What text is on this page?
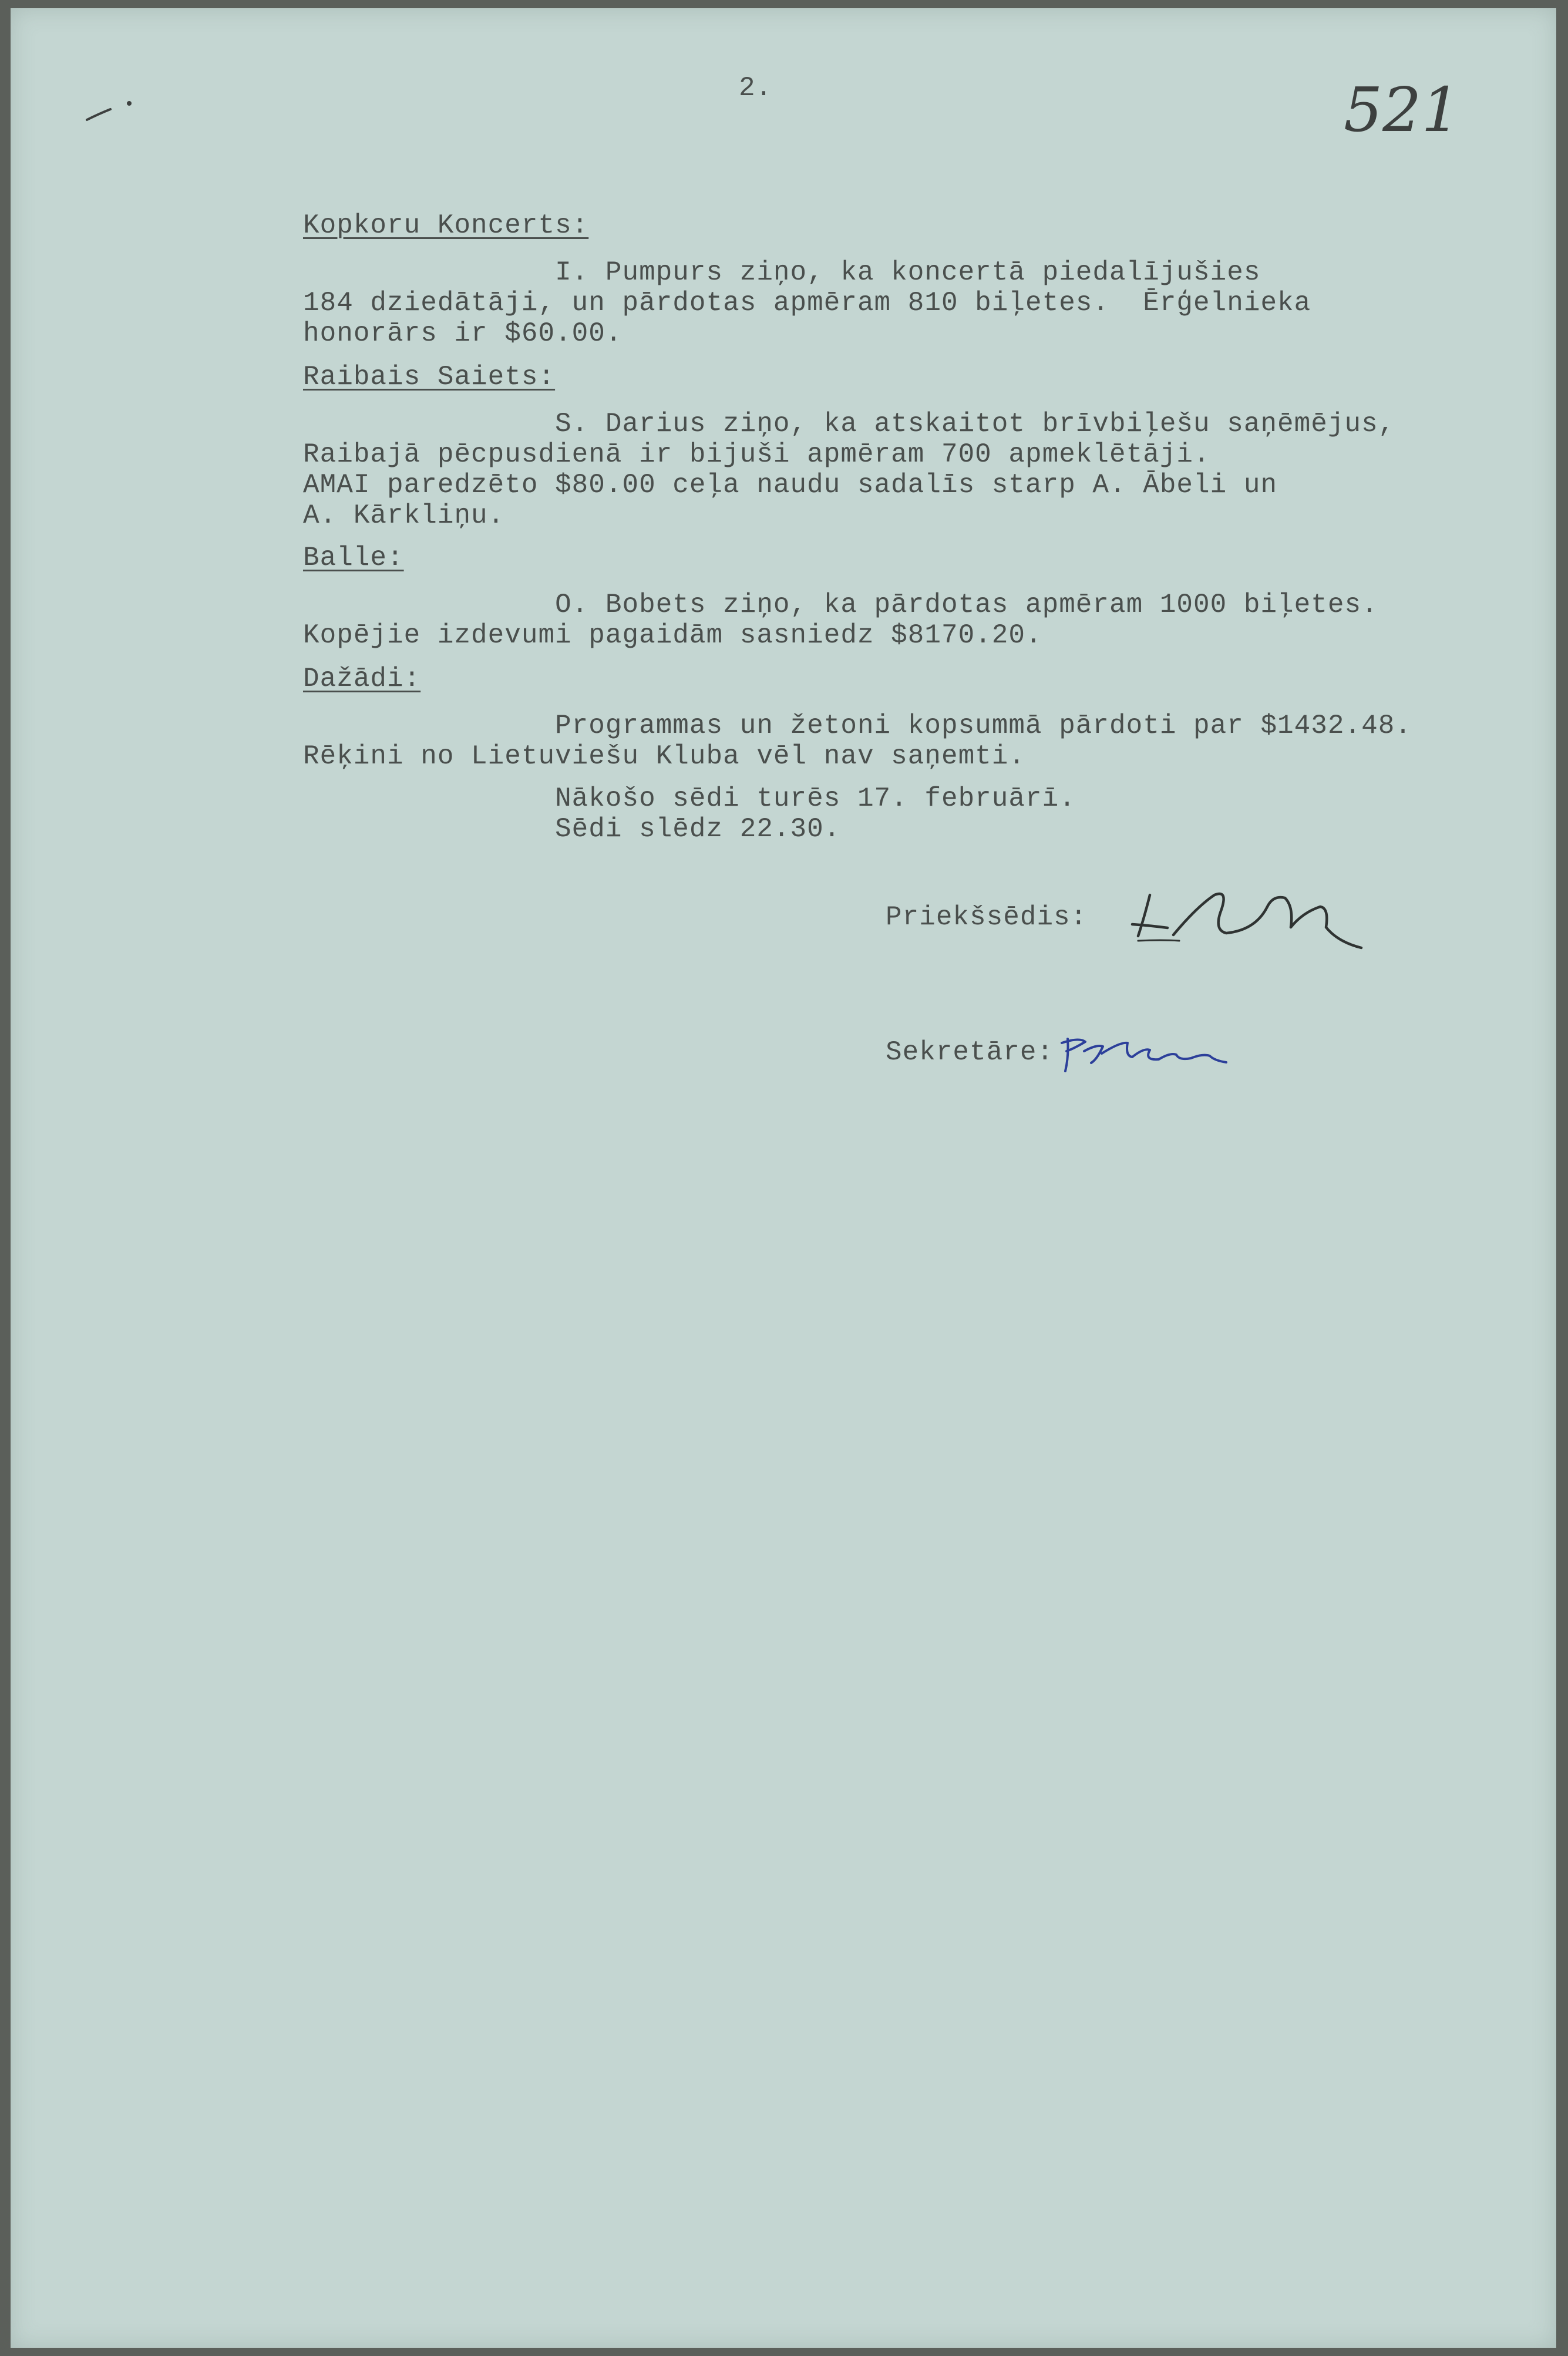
2.	521
Kopkoru Koncerts:
I. Pumpurs ziņo, ka koncertā piedalījušies
184 dziedātāji, un pārdotas apmēram 810 biļetes.  Ērģelnieka
honorārs ir $60.00.
Raibais Saiets:
S. Darius ziņo, ka atskaitot brīvbiļešu saņēmējus,
Raibajā pēcpusdienā ir bijuši apmēram 700 apmeklētāji.
AMAI paredzēto $80.00 ceļa naudu sadalīs starp A. Ābeli un
A. Kārkliņu.
Balle:
O. Bobets ziņo, ka pārdotas apmēram 1000 biļetes.
Kopējie izdevumi pagaidām sasniedz $8170.20.
Dažādi:
Programmas un žetoni kopsummā pārdoti par $1432.48.
Rēķini no Lietuviešu Kluba vēl nav saņemti.
Nākošo sēdi turēs 17. februārī.
Sēdi slēdz 22.30.
Priekšsēdis:
Sekretāre:
